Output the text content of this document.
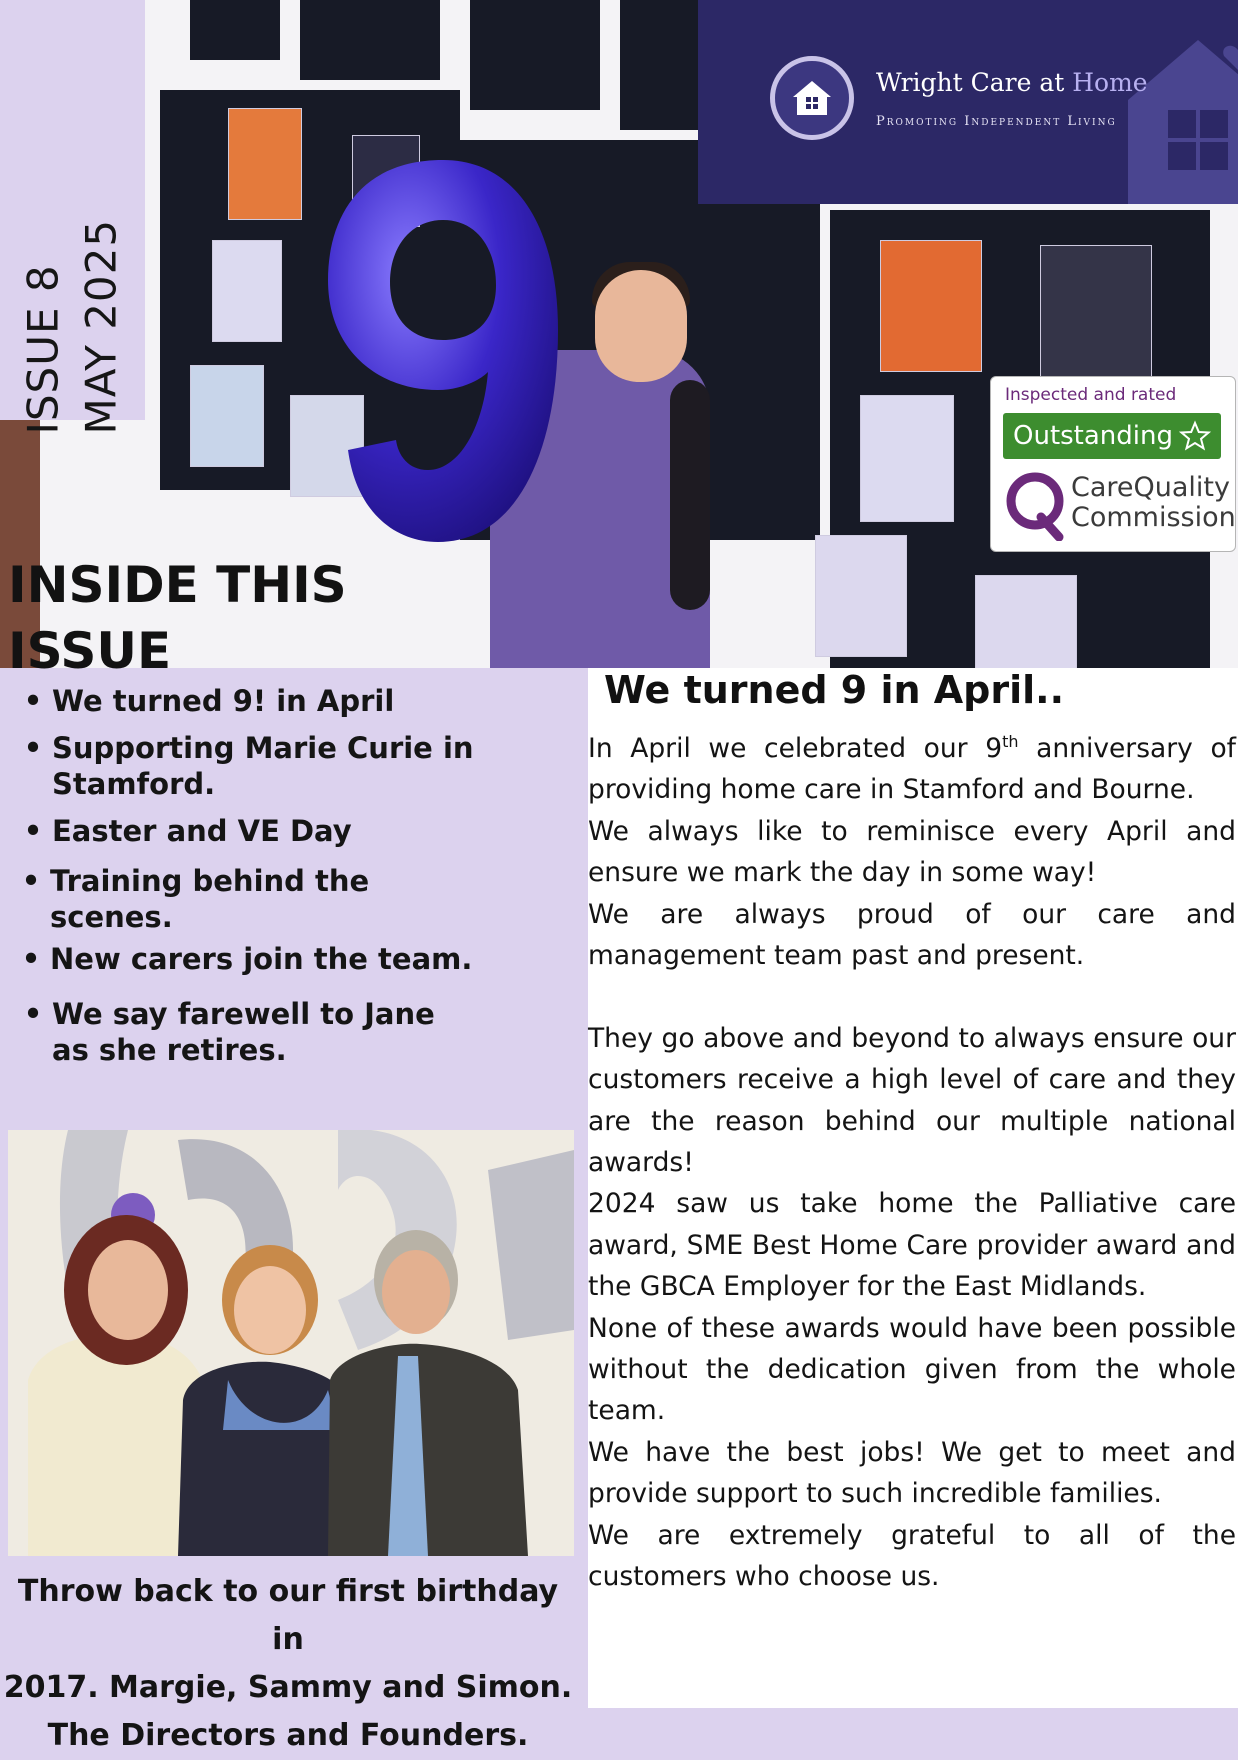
ISSUE 8 MAY 2025
Wright Care at Home
Promoting Independent Living
Inspected and rated
Outstanding
CareQuality
Commission
INSIDE THIS
ISSUE
• We turned 9! in April
• Supporting Marie Curie in
Stamford.
• Easter and VE Day
• Training behind the
scenes.
• New carers join the team.
• We say farewell to Jane
as she retires.
Throw back to our first birthday in
2017. Margie, Sammy and Simon.
The Directors and Founders.
We turned 9 in April..

In April we celebrated our 9th anniversary of providing home care in Stamford and Bourne.

We always like to reminisce every April and ensure we mark the day in some way!

We are always proud of our care and management team past and present.

They go above and beyond to always ensure our customers receive a high level of care and they are the reason behind our multiple national awards!

2024 saw us take home the Palliative care award, SME Best Home Care provider award and the GBCA Employer for the East Midlands.

None of these awards would have been possible without the dedication given from the whole team.

We have the best jobs! We get to meet and provide support to such incredible families.

We are extremely grateful to all of the customers who choose us.
